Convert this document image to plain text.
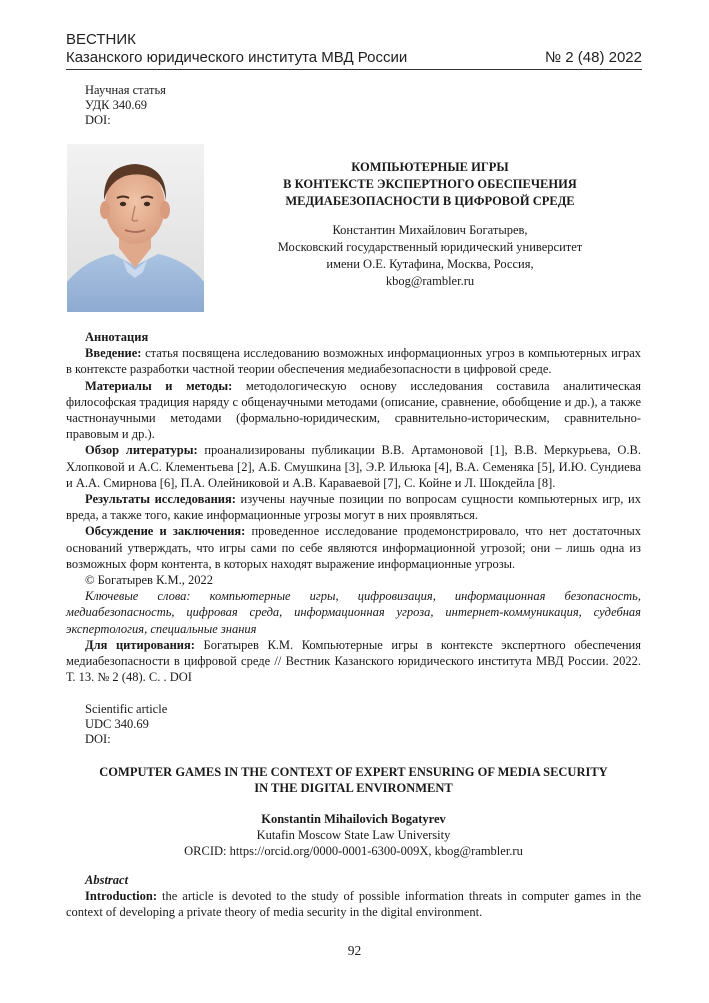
ВЕСТНИК
Казанского юридического института МВД России	№ 2 (48) 2022
Научная статья
УДК 340.69
DOI:
КОМПЬЮТЕРНЫЕ ИГРЫ
В КОНТЕКСТЕ ЭКСПЕРТНОГО ОБЕСПЕЧЕНИЯ
МЕДИАБЕЗОПАСНОСТИ В ЦИФРОВОЙ СРЕДЕ
Константин Михайлович Богатырев,
Московский государственный юридический университет
имени О.Е. Кутафина, Москва, Россия,
kbog@rambler.ru

Аннотация

Введение: статья посвящена исследованию возможных информационных угроз в компьютерных играх в контексте разработки частной теории обеспечения медиабезопасности в цифровой среде.

Материалы и методы: методологическую основу исследования составила аналитическая философская традиция наряду с общенаучными методами (описание, сравнение, обобщение и др.), а также частнонаучными методами (формально-юридическим, сравнительно-историческим, сравнительно-правовым и др.).

Обзор литературы: проанализированы публикации В.В. Артамоновой [1], В.В. Меркурьева, О.В. Хлопковой и А.С. Клементьева [2], А.Б. Смушкина [3], Э.Р. Ильюка [4], В.А. Семеняка [5], И.Ю. Сундиева и А.А. Смирнова [6], П.А. Олейниковой и А.В. Караваевой [7], С. Койне и Л. Шокдейла [8].

Результаты исследования: изучены научные позиции по вопросам сущности компьютерных игр, их вреда, а также того, какие информационные угрозы могут в них проявляться.

Обсуждение и заключения: проведенное исследование продемонстрировало, что нет достаточных оснований утверждать, что игры сами по себе являются информационной угрозой; они – лишь одна из возможных форм контента, в которых находят выражение информационные угрозы.

© Богатырев К.М., 2022

Ключевые слова: компьютерные игры, цифровизация, информационная безопасность, медиабезопасность, цифровая среда, информационная угроза, интернет-коммуникация, судебная экспертология, специальные знания

Для цитирования: Богатырев К.М. Компьютерные игры в контексте экспертного обеспечения медиабезопасности в цифровой среде // Вестник Казанского юридического института МВД России. 2022. Т. 13. № 2 (48). С. . DOI

Scientific article
UDC 340.69
DOI:
COMPUTER GAMES IN THE CONTEXT OF EXPERT ENSURING OF MEDIA SECURITY
IN THE DIGITAL ENVIRONMENT
Konstantin Mihailovich Bogatyrev
Kutafin Moscow State Law University
ORCID: https://orcid.org/0000-0001-6300-009X, kbog@rambler.ru

Abstract

Introduction: the article is devoted to the study of possible information threats in computer games in the context of developing a private theory of media security in the digital environment.

92
